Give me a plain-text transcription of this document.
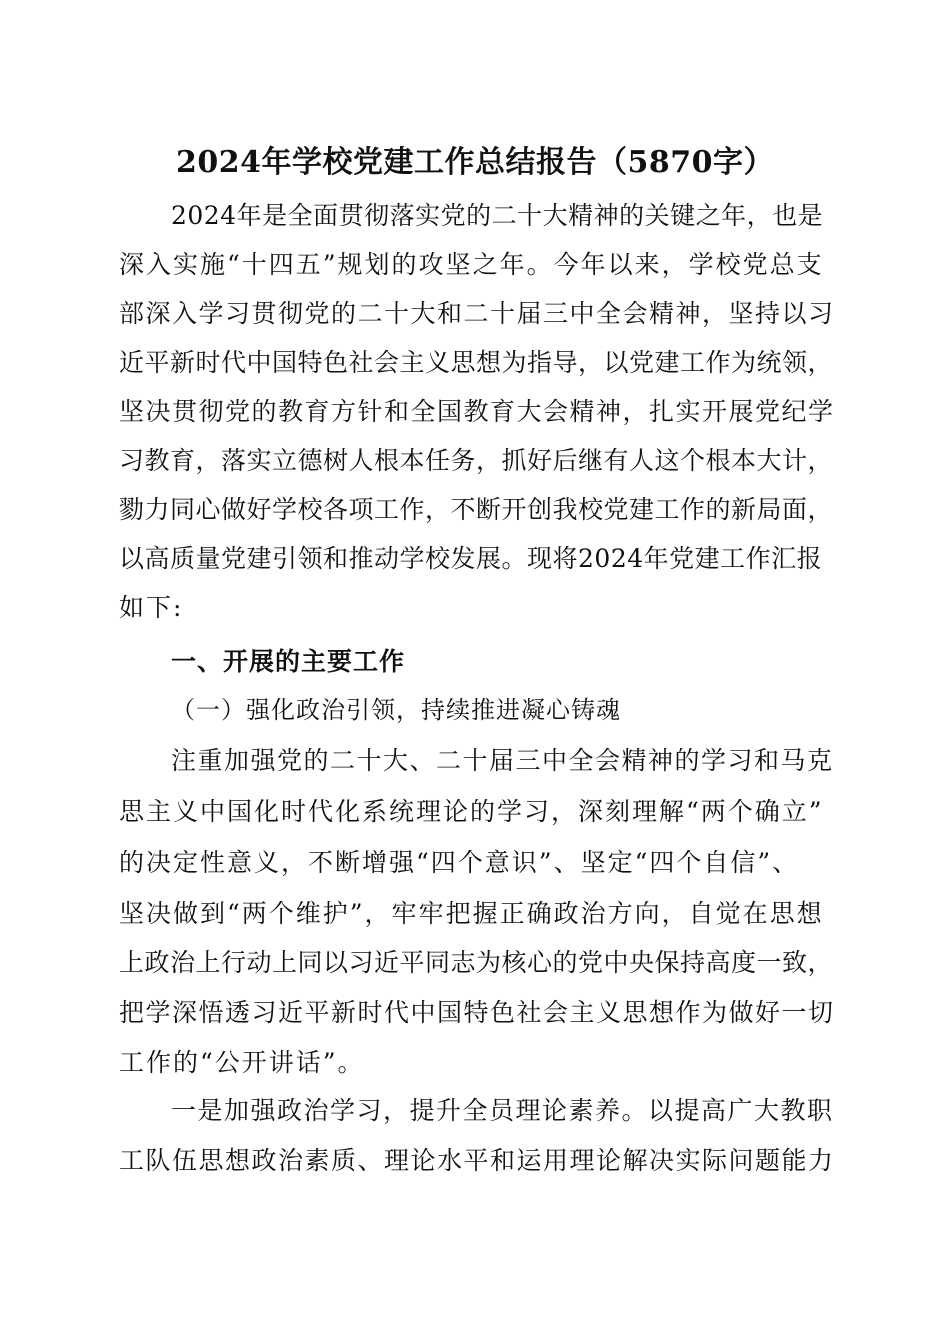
2024年学校党建工作总结报告（5870字）
2024年是全面贯彻落实党的二十大精神的关键之年，也是
深入实施“十四五”规划的攻坚之年。今年以来，学校党总支
部深入学习贯彻党的二十大和二十届三中全会精神，坚持以习
近平新时代中国特色社会主义思想为指导，以党建工作为统领，
坚决贯彻党的教育方针和全国教育大会精神，扎实开展党纪学
习教育，落实立德树人根本任务，抓好后继有人这个根本大计，
勠力同心做好学校各项工作，不断开创我校党建工作的新局面，
以高质量党建引领和推动学校发展。现将2024年党建工作汇报
如下:
一、开展的主要工作
（一）强化政治引领，持续推进凝心铸魂
注重加强党的二十大、二十届三中全会精神的学习和马克
思主义中国化时代化系统理论的学习，深刻理解“两个确立”
的决定性意义，不断增强“四个意识”、坚定“四个自信”、
坚决做到“两个维护”，牢牢把握正确政治方向，自觉在思想
上政治上行动上同以习近平同志为核心的党中央保持高度一致，
把学深悟透习近平新时代中国特色社会主义思想作为做好一切
工作的“公开讲话”。
一是加强政治学习，提升全员理论素养。以提高广大教职
工队伍思想政治素质、理论水平和运用理论解决实际问题能力
